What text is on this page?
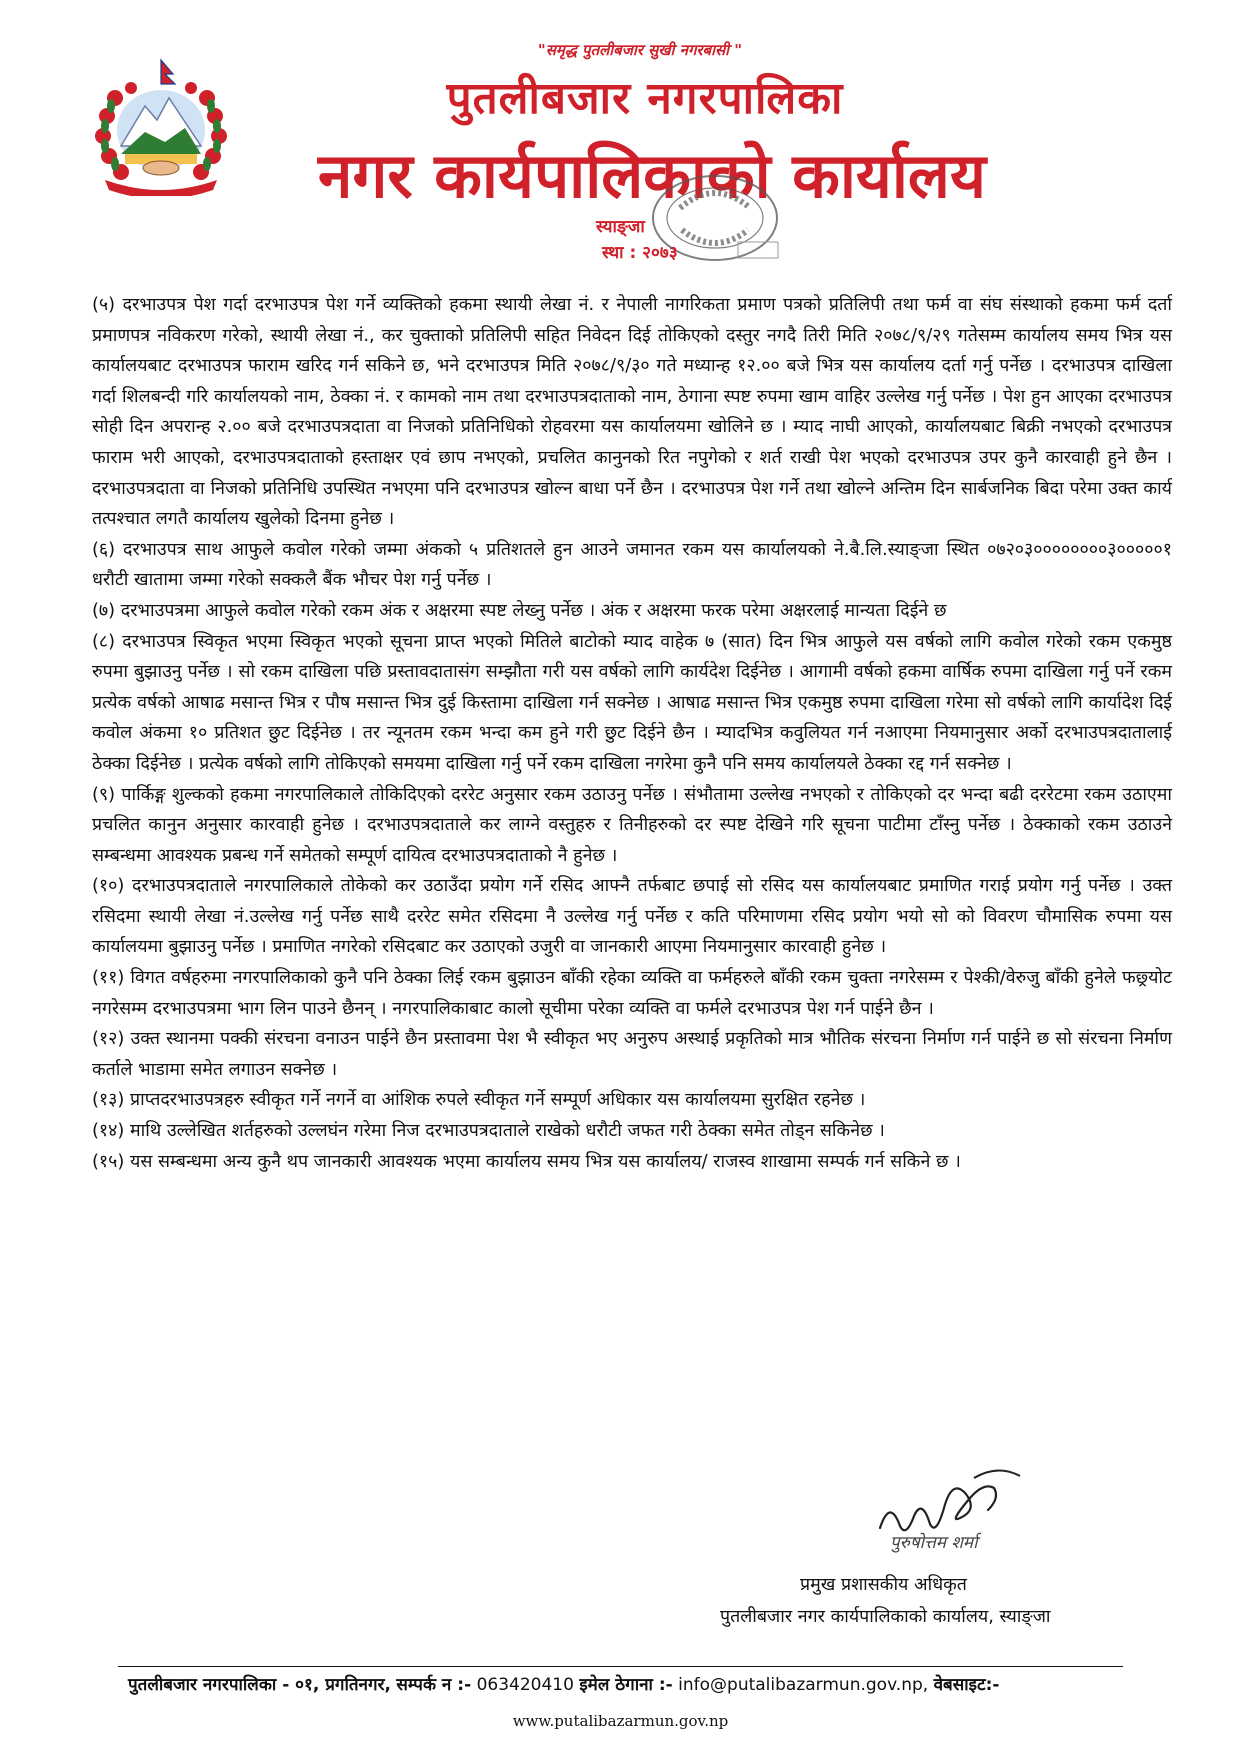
"समृद्ध पुतलीबजार सुखी नगरबासी "
पुतलीबजार नगरपालिका
नगर कार्यपालिकाको कार्यालय
स्याङ्जा
स्था : २०७३
(५) दरभाउपत्र पेश गर्दा दरभाउपत्र पेश गर्ने व्यक्तिको हकमा स्थायी लेखा नं. र नेपाली नागरिकता प्रमाण पत्रको प्रतिलिपी तथा फर्म वा संघ संस्थाको हकमा फर्म दर्ता प्रमाणपत्र नविकरण गरेको, स्थायी लेखा नं., कर चुक्ताको प्रतिलिपी सहित निवेदन दिई तोकिएको दस्तुर नगदै तिरी मिति २०७८/९/२९ गतेसम्म कार्यालय समय भित्र यस कार्यालयबाट दरभाउपत्र फाराम खरिद गर्न सकिने छ, भने दरभाउपत्र मिति २०७८/९/३० गते मध्यान्ह १२.०० बजे भित्र यस कार्यालय दर्ता गर्नु पर्नेछ । दरभाउपत्र दाखिला गर्दा शिलबन्दी गरि कार्यालयको नाम, ठेक्का नं. र कामको नाम तथा दरभाउपत्रदाताको नाम, ठेगाना स्पष्ट रुपमा खाम वाहिर उल्लेख गर्नु पर्नेछ । पेश हुन आएका दरभाउपत्र सोही दिन अपरान्ह २.०० बजे दरभाउपत्रदाता वा निजको प्रतिनिधिको रोहवरमा यस कार्यालयमा खोलिने छ । म्याद नाघी आएको, कार्यालयबाट बिक्री नभएको दरभाउपत्र फाराम भरी आएको, दरभाउपत्रदाताको हस्ताक्षर एवं छाप नभएको, प्रचलित कानुनको रित नपुगेको र शर्त राखी पेश भएको दरभाउपत्र उपर कुनै कारवाही हुने छैन । दरभाउपत्रदाता वा निजको प्रतिनिधि उपस्थित नभएमा पनि दरभाउपत्र खोल्न बाधा पर्ने छैन । दरभाउपत्र पेश गर्ने तथा खोल्ने अन्तिम दिन सार्बजनिक बिदा परेमा उक्त कार्य तत्पश्चात लगतै कार्यालय खुलेको दिनमा हुनेछ ।
(६) दरभाउपत्र साथ आफुले कवोल गरेको जम्मा अंकको ५ प्रतिशतले हुन आउने जमानत रकम यस कार्यालयको ने.बै.लि.स्याङ्जा स्थित ०७२०३००००००००३०००००१ धरौटी खातामा जम्मा गरेको सक्कलै बैंक भौचर पेश गर्नु पर्नेछ ।
(७) दरभाउपत्रमा आफुले कवोल गरेको रकम अंक र अक्षरमा स्पष्ट लेख्नु पर्नेछ । अंक र अक्षरमा फरक परेमा अक्षरलाई मान्यता दिईने छ
(८) दरभाउपत्र स्विकृत भएमा स्विकृत भएको सूचना प्राप्त भएको मितिले बाटोको म्याद वाहेक ७ (सात) दिन भित्र आफुले यस वर्षको लागि कवोल गरेको रकम एकमुष्ठ रुपमा बुझाउनु पर्नेछ । सो रकम दाखिला पछि प्रस्तावदातासंग सम्झौता गरी यस वर्षको लागि कार्यदेश दिईनेछ । आगामी वर्षको हकमा वार्षिक रुपमा दाखिला गर्नु पर्ने रकम प्रत्येक वर्षको आषाढ मसान्त भित्र र पौष मसान्त भित्र दुई किस्तामा दाखिला गर्न सक्नेछ । आषाढ मसान्त भित्र एकमुष्ठ रुपमा दाखिला गरेमा सो वर्षको लागि कार्यादेश दिई कवोल अंकमा १० प्रतिशत छुट दिईनेछ । तर न्यूनतम रकम भन्दा कम हुने गरी छुट दिईने छैन । म्यादभित्र कवुलियत गर्न नआएमा नियमानुसार अर्को दरभाउपत्रदातालाई ठेक्का दिईनेछ । प्रत्येक वर्षको लागि तोकिएको समयमा दाखिला गर्नु पर्ने रकम दाखिला नगरेमा कुनै पनि समय कार्यालयले ठेक्का रद्द गर्न सक्नेछ ।
(९) पार्किङ्ग शुल्कको हकमा नगरपालिकाले तोकिदिएको दररेट अनुसार रकम उठाउनु पर्नेछ । संभौतामा उल्लेख नभएको र तोकिएको दर भन्दा बढी दररेटमा रकम उठाएमा प्रचलित कानुन अनुसार कारवाही हुनेछ । दरभाउपत्रदाताले कर लाग्ने वस्तुहरु र तिनीहरुको दर स्पष्ट देखिने गरि सूचना पाटीमा टाँस्नु पर्नेछ । ठेक्काको रकम उठाउने सम्बन्धमा आवश्यक प्रबन्ध गर्ने समेतको सम्पूर्ण दायित्व दरभाउपत्रदाताको नै हुनेछ ।
(१०) दरभाउपत्रदाताले नगरपालिकाले तोकेको कर उठाउँदा प्रयोग गर्ने रसिद आफ्नै तर्फबाट छपाई सो रसिद यस कार्यालयबाट प्रमाणित गराई प्रयोग गर्नु पर्नेछ । उक्त रसिदमा स्थायी लेखा नं.उल्लेख गर्नु पर्नेछ साथै दररेट समेत रसिदमा नै उल्लेख गर्नु पर्नेछ र कति परिमाणमा रसिद प्रयोग भयो सो को विवरण चौमासिक रुपमा यस कार्यालयमा बुझाउनु पर्नेछ । प्रमाणित नगरेको रसिदबाट कर उठाएको उजुरी वा जानकारी आएमा नियमानुसार कारवाही हुनेछ ।
(११) विगत वर्षहरुमा नगरपालिकाको कुनै पनि ठेक्का लिई रकम बुझाउन बाँकी रहेका व्यक्ति वा फर्महरुले बाँकी रकम चुक्ता नगरेसम्म र पेश्की/वेरुजु बाँकी हुनेले फछ्र्योट नगरेसम्म दरभाउपत्रमा भाग लिन पाउने छैनन् । नगरपालिकाबाट कालो सूचीमा परेका व्यक्ति वा फर्मले दरभाउपत्र पेश गर्न पाईने छैन ।
(१२) उक्त स्थानमा पक्की संरचना वनाउन पाईने छैन प्रस्तावमा पेश भै स्वीकृत भए अनुरुप अस्थाई प्रकृतिको मात्र भौतिक संरचना निर्माण गर्न पाईने छ सो संरचना निर्माण कर्ताले भाडामा समेत लगाउन सक्नेछ ।
(१३) प्राप्तदरभाउपत्रहरु स्वीकृत गर्ने नगर्ने वा आंशिक रुपले स्वीकृत गर्ने सम्पूर्ण अधिकार यस कार्यालयमा सुरक्षित रहनेछ ।
(१४) माथि उल्लेखित शर्तहरुको उल्लघंन गरेमा निज दरभाउपत्रदाताले राखेको धरौटी जफत गरी ठेक्का समेत तोड्न सकिनेछ ।
(१५) यस सम्बन्धमा अन्य कुनै थप जानकारी आवश्यक भएमा कार्यालय समय भित्र यस कार्यालय/ राजस्व शाखामा सम्पर्क गर्न सकिने छ ।
पुरुषोत्तम शर्मा
प्रमुख प्रशासकीय अधिकृत
पुतलीबजार नगर कार्यपालिकाको कार्यालय, स्याङ्जा
पुतलीबजार नगरपालिका - ०१, प्रगतिनगर, सम्पर्क न :- 063420410 इमेल ठेगाना :- info@putalibazarmun.gov.np, वेबसाइट:-
www.putalibazarmun.gov.np
